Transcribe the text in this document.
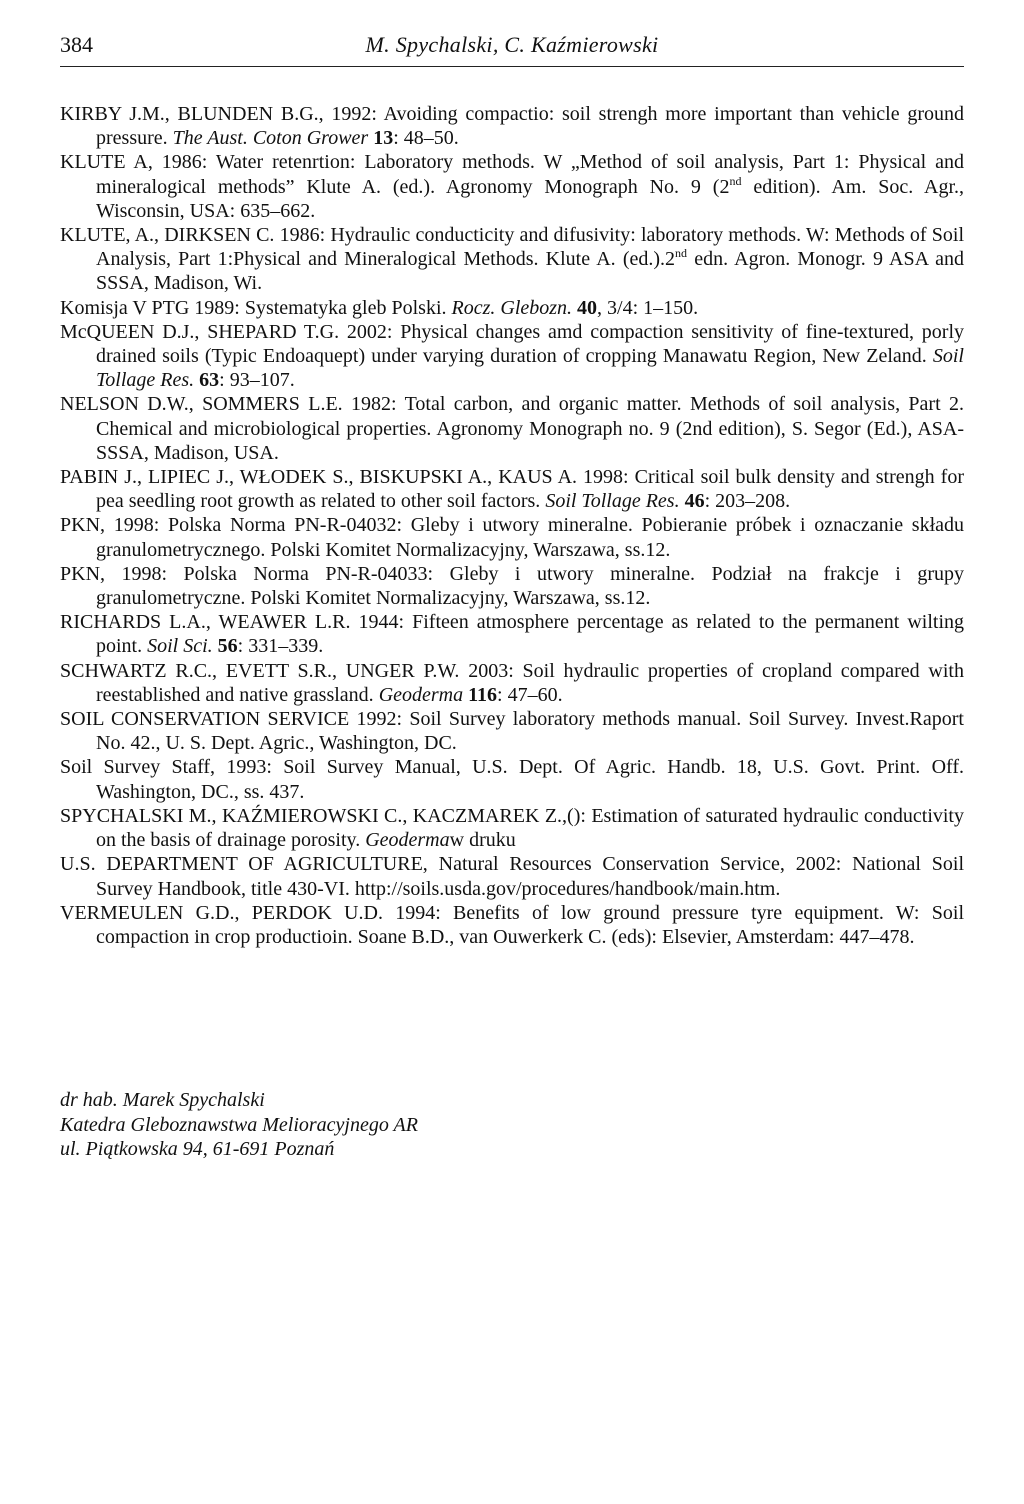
384	M. Spychalski, C. Kaźmierowski

KIRBY J.M., BLUNDEN B.G., 1992: Avoiding compactio: soil strengh more important than vehicle ground pressure. The Aust. Coton Grower 13: 48–50.

KLUTE A, 1986: Water retenrtion: Laboratory methods. W „Method of soil analysis, Part 1: Physical and mineralogical methods” Klute A. (ed.). Agronomy Monograph No. 9 (2nd edition). Am. Soc. Agr., Wisconsin, USA: 635–662.

KLUTE, A., DIRKSEN C. 1986: Hydraulic conducticity and difusivity: laboratory methods. W: Methods of Soil Analysis, Part 1:Physical and Mineralogical Methods. Klute A. (ed.).2nd edn. Agron. Monogr. 9 ASA and SSSA, Madison, Wi.

Komisja V PTG 1989: Systematyka gleb Polski. Rocz. Glebozn. 40, 3/4: 1–150.

McQUEEN D.J., SHEPARD T.G. 2002: Physical changes amd compaction sensitivity of fine-textured, porly drained soils (Typic Endoaquept) under varying duration of cropping Manawatu Region, New Zeland. Soil Tollage Res. 63: 93–107.

NELSON D.W., SOMMERS L.E. 1982: Total carbon, and organic matter. Methods of soil analysis, Part 2. Chemical and microbiological properties. Agronomy Monograph no. 9 (2nd edition), S. Segor (Ed.), ASA-SSSA, Madison, USA.

PABIN J., LIPIEC J., WŁODEK S., BISKUPSKI A., KAUS A. 1998: Critical soil bulk density and strengh for pea seedling root growth as related to other soil factors. Soil Tollage Res. 46: 203–208.

PKN, 1998: Polska Norma PN-R-04032: Gleby i utwory mineralne. Pobieranie próbek i oznaczanie składu granulometrycznego. Polski Komitet Normalizacyjny, Warszawa, ss.12.

PKN, 1998: Polska Norma PN-R-04033: Gleby i utwory mineralne. Podział na frakcje i grupy granulometryczne. Polski Komitet Normalizacyjny, Warszawa, ss.12.

RICHARDS L.A., WEAWER L.R. 1944: Fifteen atmosphere percentage as related to the permanent wilting point. Soil Sci. 56: 331–339.

SCHWARTZ R.C., EVETT S.R., UNGER P.W. 2003: Soil hydraulic properties of cropland compared with reestablished and native grassland. Geoderma 116: 47–60.

SOIL CONSERVATION SERVICE 1992: Soil Survey laboratory methods manual. Soil Survey. Invest.Raport No. 42., U. S. Dept. Agric., Washington, DC.

Soil Survey Staff, 1993: Soil Survey Manual, U.S. Dept. Of Agric. Handb. 18, U.S. Govt. Print. Off. Washington, DC., ss. 437.

SPYCHALSKI M., KAŹMIEROWSKI C., KACZMAREK Z.,(): Estimation of saturated hydraulic conductivity on the basis of drainage porosity. Geodermaw druku

U.S. DEPARTMENT OF AGRICULTURE, Natural Resources Conservation Service, 2002: National Soil Survey Handbook, title 430-VI. http://soils.usda.gov/procedures/handbook/main.htm.

VERMEULEN G.D., PERDOK U.D. 1994: Benefits of low ground pressure tyre equipment. W: Soil compaction in crop productioin. Soane B.D., van Ouwerkerk C. (eds): Elsevier, Amsterdam: 447–478.

dr hab. Marek Spychalski
Katedra Gleboznawstwa Melioracyjnego AR
ul. Piątkowska 94, 61-691 Poznań
